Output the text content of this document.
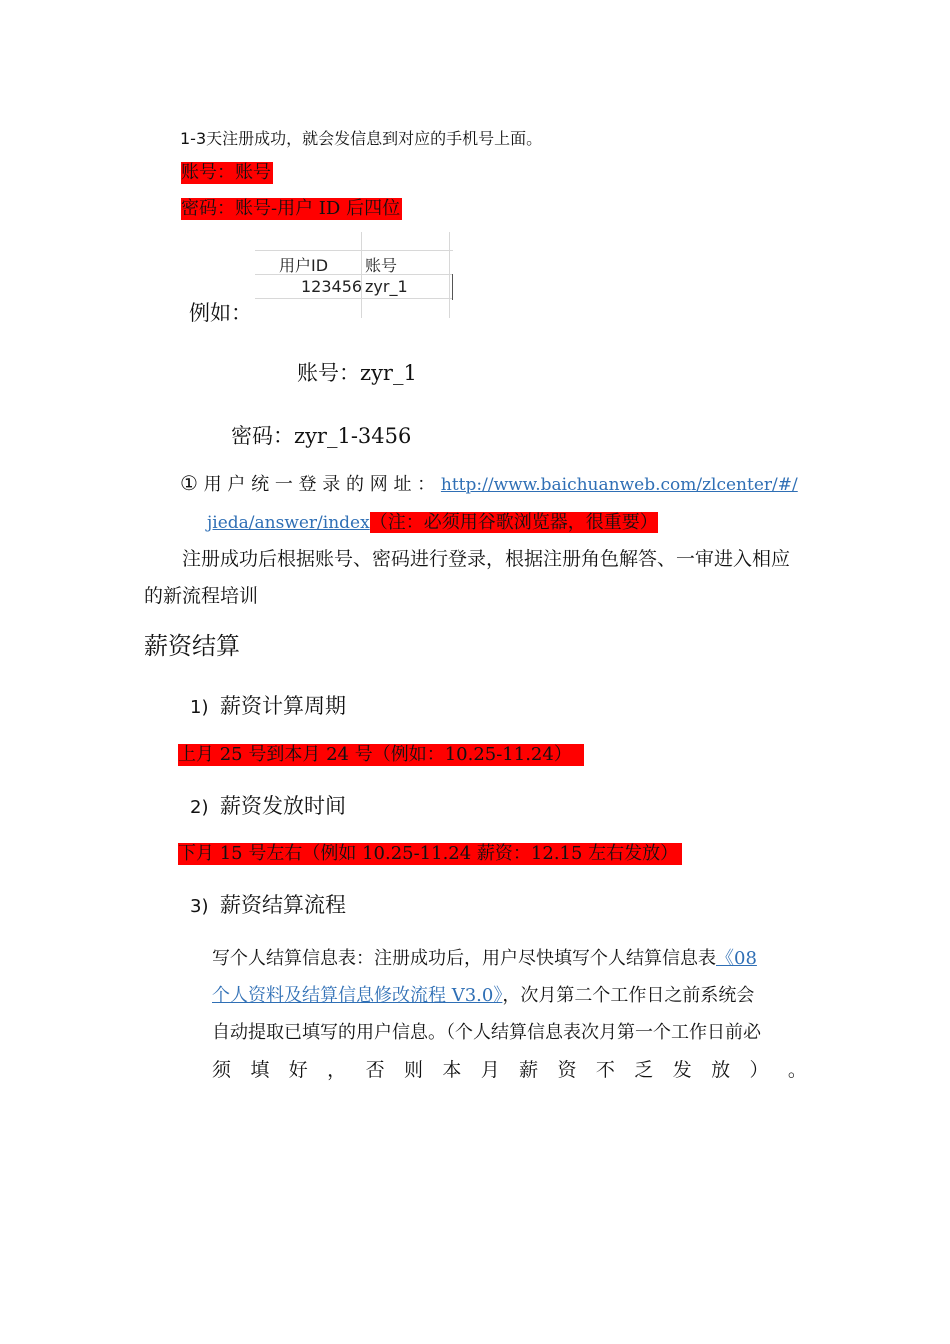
1-3天注册成功，就会发信息到对应的手机号上面。
账号：账号
密码：账号-用户 ID 后四位
用户ID 账号
123456 zyr_1
例如：
账号：zyr_1
密码：zyr_1-3456
① 用 户 统 一 登 录 的 网 址 ： http://www.baichuanweb.com/zlcenter/#/
jieda/answer/index（注：必须用谷歌浏览器，很重要）
注册成功后根据账号、密码进行登录，根据注册角色解答、一审进入相应
的新流程培训
薪资结算
1) 薪资计算周期
上月 25 号到本月 24 号（例如：10.25-11.24）
2) 薪资发放时间
下月 15 号左右（例如 10.25-11.24 薪资：12.15 左右发放）
3) 薪资结算流程
写个人结算信息表：注册成功后，用户尽快填写个人结算信息表《08
个人资料及结算信息修改流程 V3.0》，次月第二个工作日之前系统会
自动提取已填写的用户信息。（个人结算信息表次月第一个工作日前必
须 填 好 ， 否 则 本 月 薪 资 不 乏 发 放 ） 。
